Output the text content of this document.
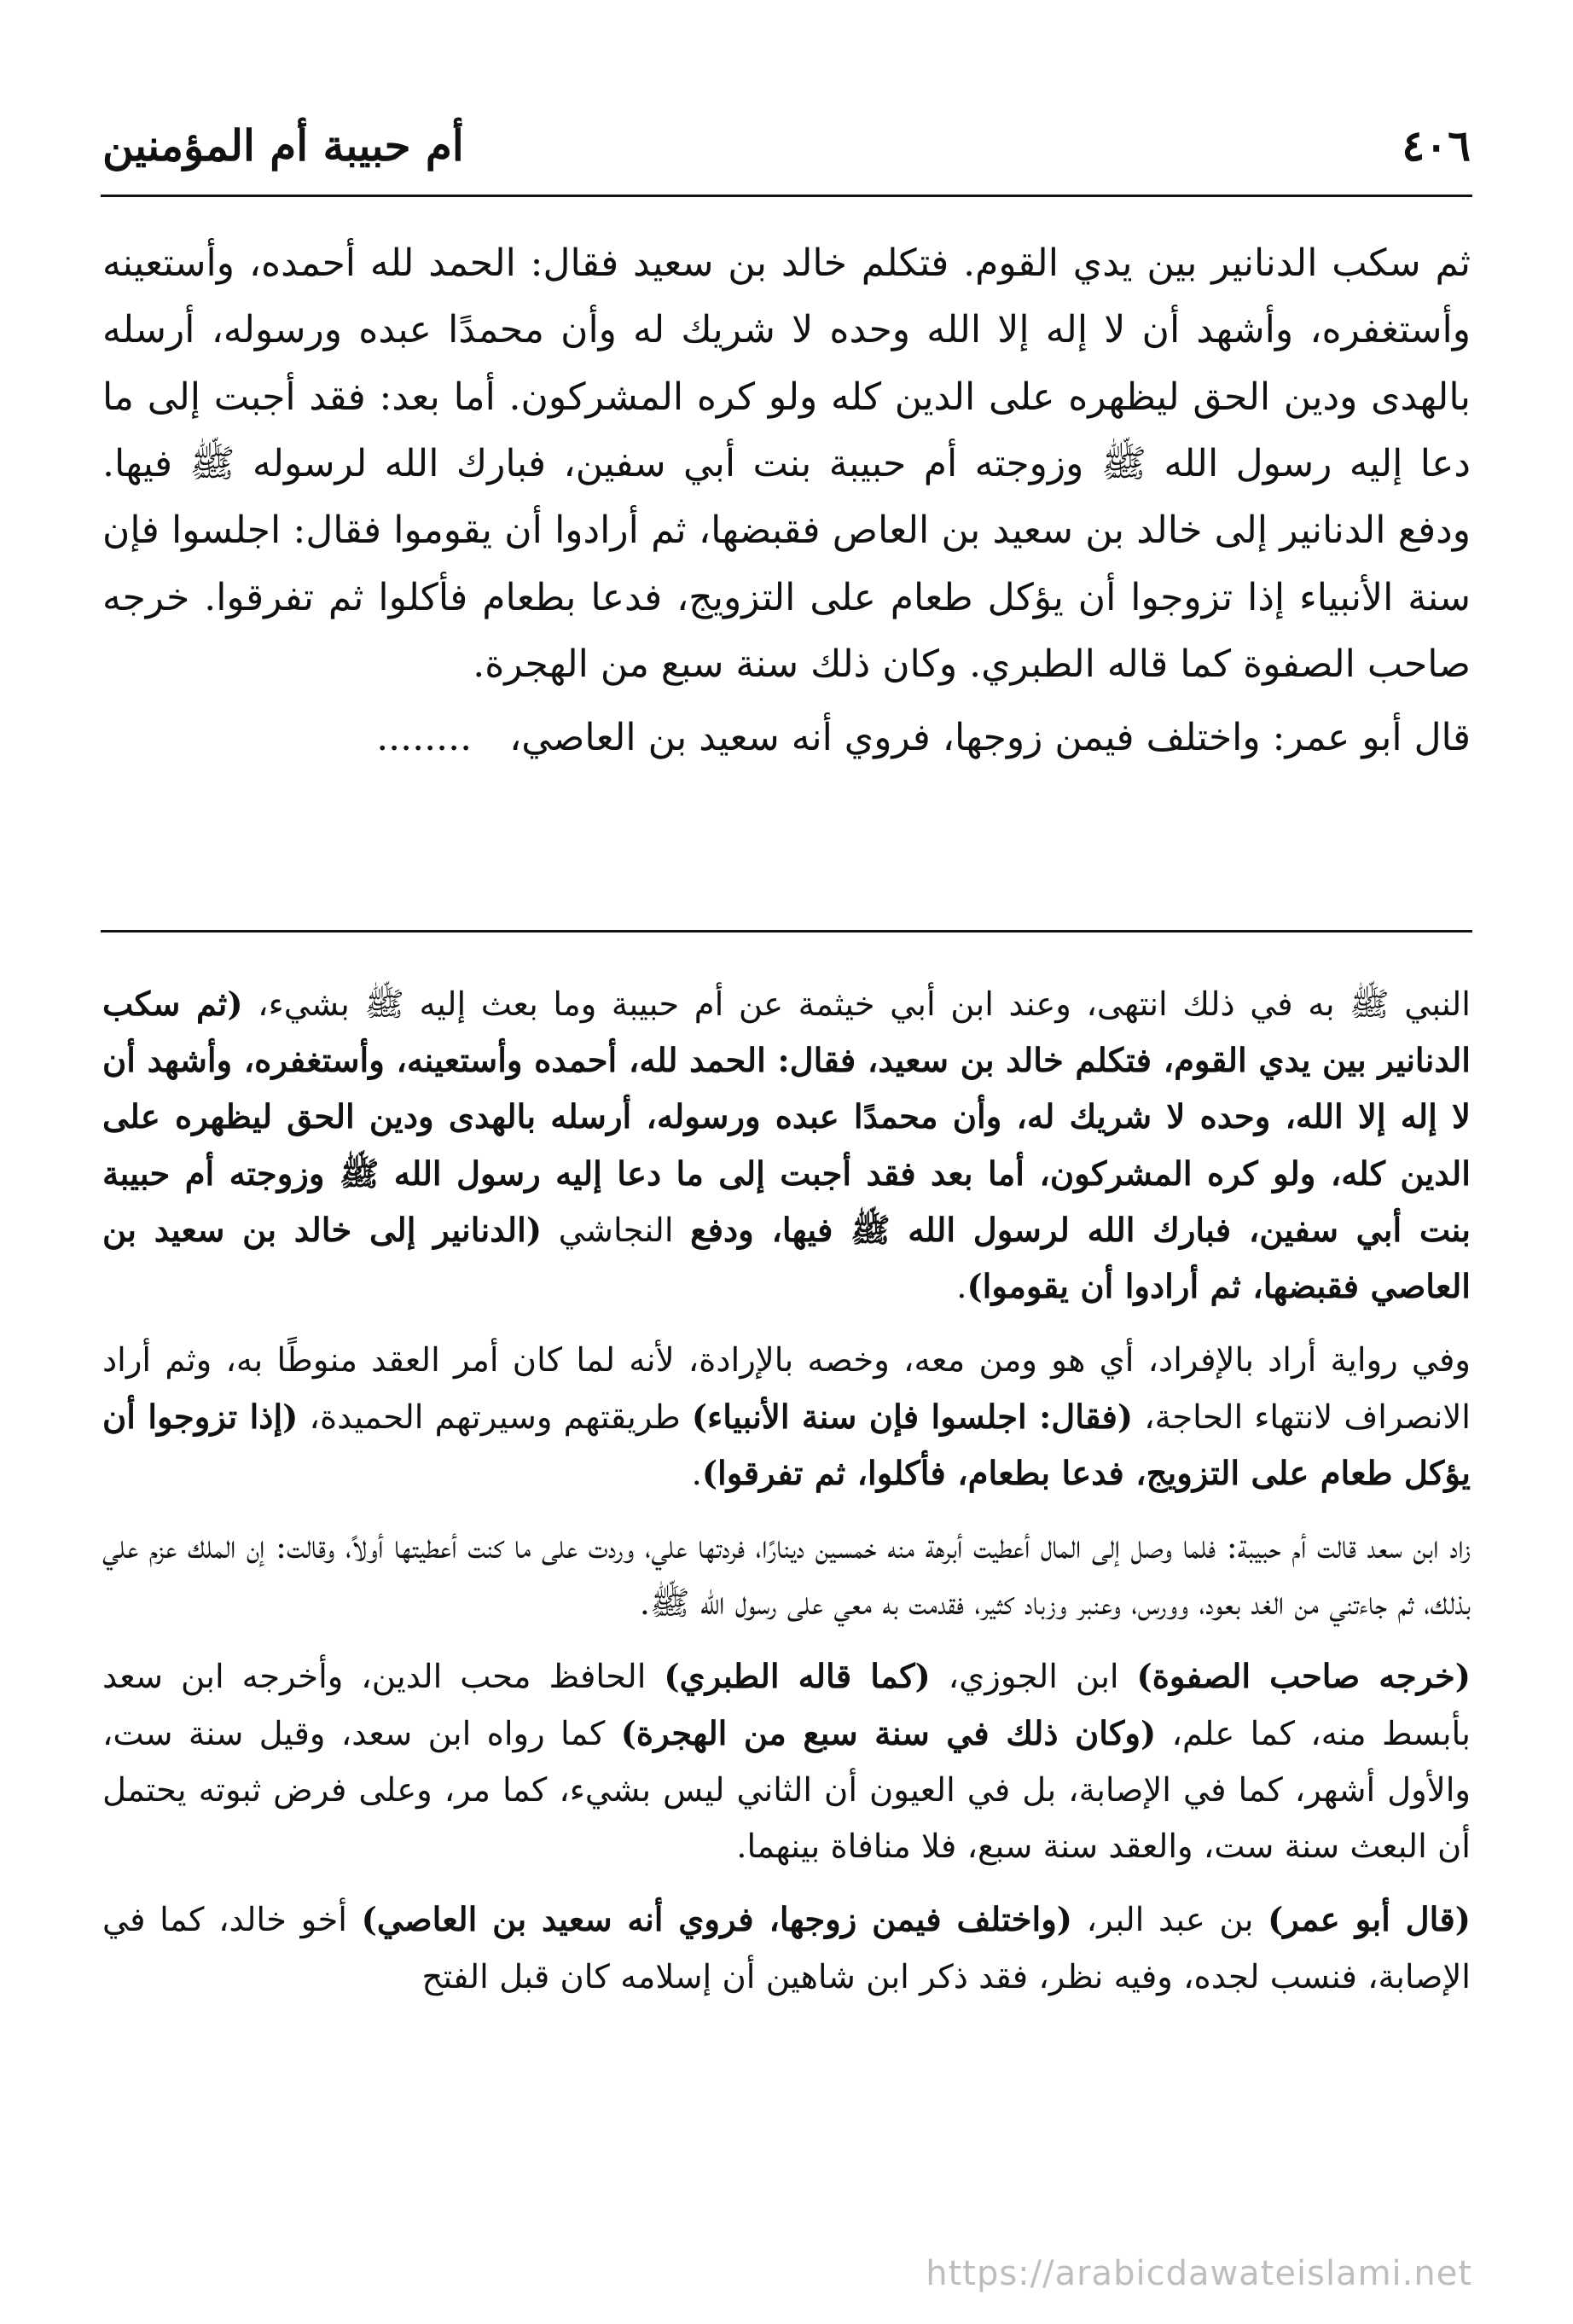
٤٠٦
أم حبيبة أم المؤمنين

ثم سكب الدنانير بين يدي القوم. فتكلم خالد بن سعيد فقال: الحمد لله أحمده، وأستعينه وأستغفره، وأشهد أن لا إله إلا الله وحده لا شريك له وأن محمدًا عبده ورسوله، أرسله بالهدى ودين الحق ليظهره على الدين كله ولو كره المشركون. أما بعد: فقد أجبت إلى ما دعا إليه رسول الله ﷺ وزوجته أم حبيبة بنت أبي سفين، فبارك الله لرسوله ﷺ فيها. ودفع الدنانير إلى خالد بن سعيد بن العاص فقبضها، ثم أرادوا أن يقوموا فقال: اجلسوا فإن سنة الأنبياء إذا تزوجوا أن يؤكل طعام على التزويج، فدعا بطعام فأكلوا ثم تفرقوا. خرجه صاحب الصفوة كما قاله الطبري. وكان ذلك سنة سبع من الهجرة.

قال أبو عمر: واختلف فيمن زوجها، فروي أنه سعيد بن العاصي، ........

النبي ﷺ به في ذلك انتهى، وعند ابن أبي خيثمة عن أم حبيبة وما بعث إليه ﷺ بشيء، (ثم سكب الدنانير بين يدي القوم، فتكلم خالد بن سعيد، فقال: الحمد لله، أحمده وأستعينه، وأستغفره، وأشهد أن لا إله إلا الله، وحده لا شريك له، وأن محمدًا عبده ورسوله، أرسله بالهدى ودين الحق ليظهره على الدين كله، ولو كره المشركون، أما بعد فقد أجبت إلى ما دعا إليه رسول الله ﷺ وزوجته أم حبيبة بنت أبي سفين، فبارك الله لرسول الله ﷺ فيها، ودفع النجاشي (الدنانير إلى خالد بن سعيد بن العاصي فقبضها، ثم أرادوا أن يقوموا).

وفي رواية أراد بالإفراد، أي هو ومن معه، وخصه بالإرادة، لأنه لما كان أمر العقد منوطًا به، وثم أراد الانصراف لانتهاء الحاجة، (فقال: اجلسوا فإن سنة الأنبياء) طريقتهم وسيرتهم الحميدة، (إذا تزوجوا أن يؤكل طعام على التزويج، فدعا بطعام، فأكلوا، ثم تفرقوا).

زاد ابن سعد قالت أم حبيبة: فلما وصل إلى المال أعطيت أبرهة منه خمسين دينارًا، فردتها علي، وردت على ما كنت أعطيتها أولاً، وقالت: إن الملك عزم علي بذلك، ثم جاءتني من الغد بعود، وورس، وعنبر وزباد كثير، فقدمت به معي على رسول الله ﷺ.

(خرجه صاحب الصفوة) ابن الجوزي، (كما قاله الطبري) الحافظ محب الدين، وأخرجه ابن سعد بأبسط منه، كما علم، (وكان ذلك في سنة سبع من الهجرة) كما رواه ابن سعد، وقيل سنة ست، والأول أشهر، كما في الإصابة، بل في العيون أن الثاني ليس بشيء، كما مر، وعلى فرض ثبوته يحتمل أن البعث سنة ست، والعقد سنة سبع، فلا منافاة بينهما.

(قال أبو عمر) بن عبد البر، (واختلف فيمن زوجها، فروي أنه سعيد بن العاصي) أخو خالد، كما في الإصابة، فنسب لجده، وفيه نظر، فقد ذكر ابن شاهين أن إسلامه كان قبل الفتح

https://arabicdawateislami.net
